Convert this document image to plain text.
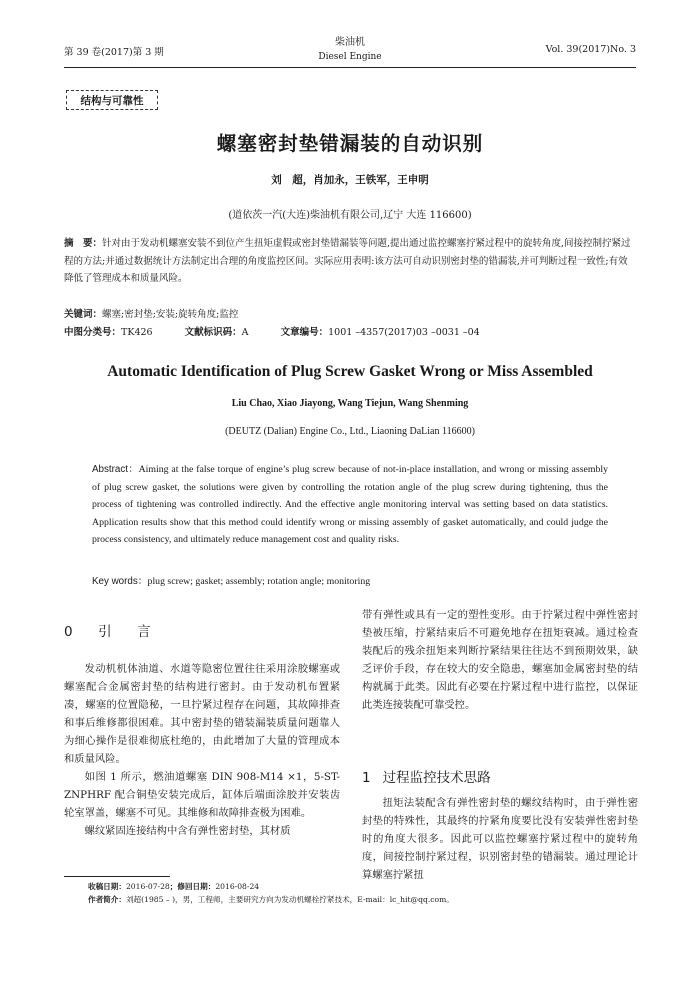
第 39 卷(2017)第 3 期
柴油机
Diesel Engine
Vol. 39(2017)No. 3
结构与可靠性
螺塞密封垫错漏装的自动识别
刘　超，肖加永，王铁军，王申明
(道依茨一汽(大连)柴油机有限公司,辽宁 大连 116600)
摘　要：针对由于发动机螺塞安装不到位产生扭矩虚假或密封垫错漏装等问题,提出通过监控螺塞拧紧过程中的旋转角度,间接控制拧紧过程的方法;并通过数据统计方法制定出合理的角度监控区间。实际应用表明:该方法可自动识别密封垫的错漏装,并可判断过程一致性;有效降低了管理成本和质量风险。
关键词：螺塞;密封垫;安装;旋转角度;监控
中图分类号：TK426	文献标识码：A	文章编号：1001 –4357(2017)03 –0031 –04
Automatic Identification of Plug Screw Gasket Wrong or Miss Assembled
Liu Chao, Xiao Jiayong, Wang Tiejun, Wang Shenming
(DEUTZ (Dalian) Engine Co., Ltd., Liaoning DaLian 116600)
Abstract：Aiming at the false torque of engine’s plug screw because of not-in-place installation, and wrong or missing assembly of plug screw gasket, the solutions were given by controlling the rotation angle of the plug screw during tightening, thus the process of tightening was controlled indirectly. And the effective angle monitoring interval was setting based on data statistics. Application results show that this method could identify wrong or missing assembly of gasket automatically, and could judge the process consistency, and ultimately reduce management cost and quality risks.
Key words：plug screw; gasket; assembly; rotation angle; monitoring
0　引　言

发动机机体油道、水道等隐密位置往往采用涂胶螺塞或螺塞配合金属密封垫的结构进行密封。由于发动机布置紧凑，螺塞的位置隐秘，一旦拧紧过程存在问题，其故障排查和事后维修都很困难。其中密封垫的错装漏装质量问题靠人为细心操作是很难彻底杜绝的，由此增加了大量的管理成本和质量风险。

如图 1 所示，燃油道螺塞 DIN 908-M14 ×1，5-ST-ZNPHRF 配合铜垫安装完成后，缸体后端面涂胶并安装齿轮室罩盖，螺塞不可见。其维修和故障排查极为困难。

螺纹紧固连接结构中含有弹性密封垫，其材质

带有弹性或具有一定的塑性变形。由于拧紧过程中弹性密封垫被压缩，拧紧结束后不可避免地存在扭矩衰减。通过检查装配后的残余扭矩来判断拧紧结果往往达不到预期效果，缺乏评价手段，存在较大的安全隐患，螺塞加金属密封垫的结构就属于此类。因此有必要在拧紧过程中进行监控，以保证此类连接装配可靠受控。

1 过程监控技术思路

扭矩法装配含有弹性密封垫的螺纹结构时，由于弹性密封垫的特殊性，其最终的拧紧角度要比没有安装弹性密封垫时的角度大很多。因此可以监控螺塞拧紧过程中的旋转角度，间接控制拧紧过程，识别密封垫的错漏装。通过理论计算螺塞拧紧扭

收稿日期：2016-07-28；修回日期：2016-08-24
作者简介：刘超(1985 – )，男，工程师，主要研究方向为发动机螺栓拧紧技术，E-mail：lc_hit@qq.com。
